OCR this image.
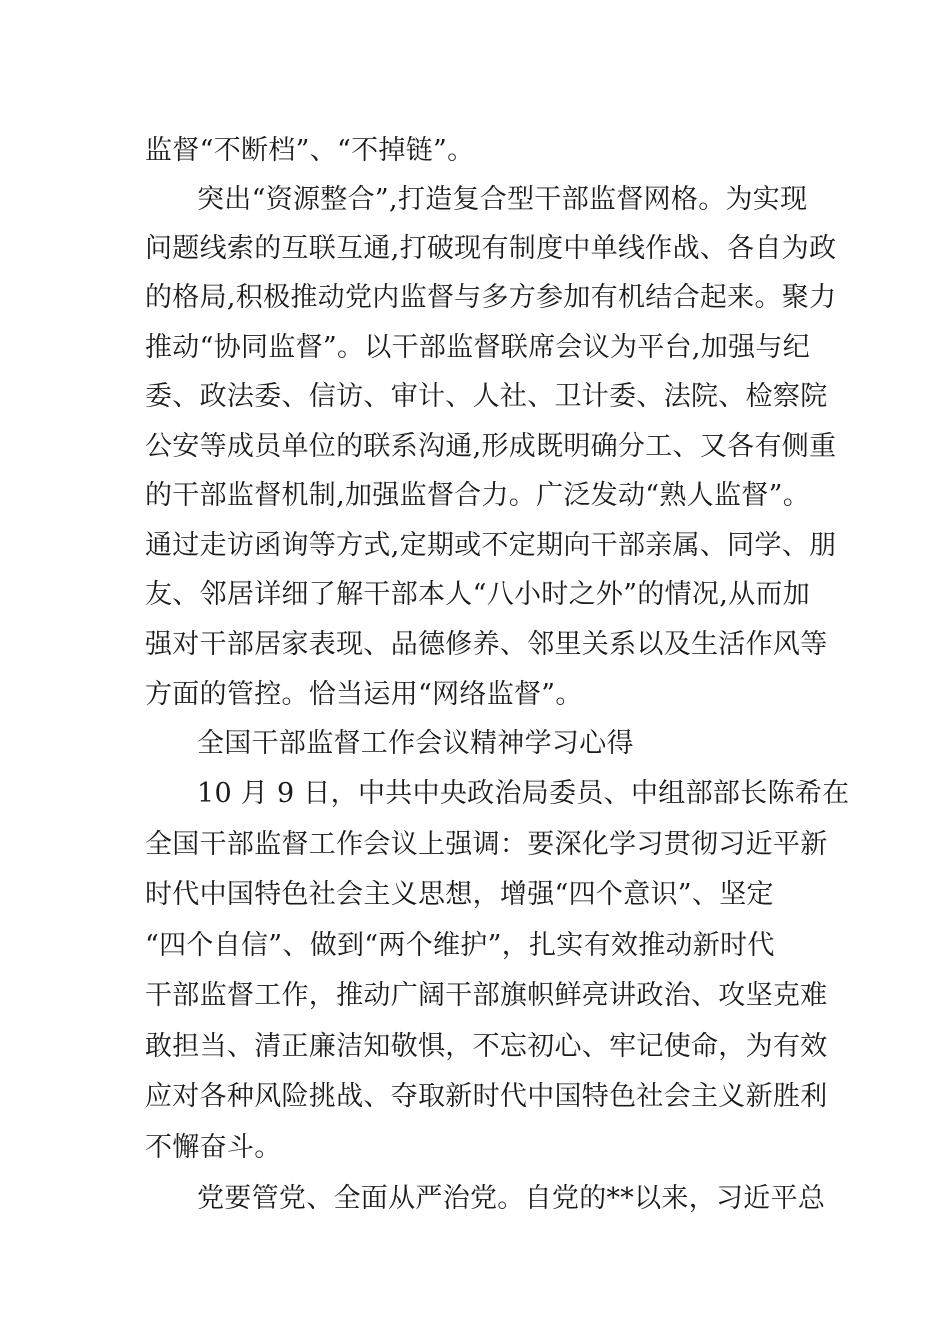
监督“不断档”、“不掉链”。
突出“资源整合”,打造复合型干部监督网格。为实现
问题线索的互联互通,打破现有制度中单线作战、各自为政
的格局,积极推动党内监督与多方参加有机结合起来。聚力
推动“协同监督”。以干部监督联席会议为平台,加强与纪
委、政法委、信访、审计、人社、卫计委、法院、检察院
公安等成员单位的联系沟通,形成既明确分工、又各有侧重
的干部监督机制,加强监督合力。广泛发动“熟人监督”。
通过走访函询等方式,定期或不定期向干部亲属、同学、朋
友、邻居详细了解干部本人“八小时之外”的情况,从而加
强对干部居家表现、品德修养、邻里关系以及生活作风等
方面的管控。恰当运用“网络监督”。
全国干部监督工作会议精神学习心得
10 月 9 日，中共中央政治局委员、中组部部长陈希在
全国干部监督工作会议上强调：要深化学习贯彻习近平新
时代中国特色社会主义思想，增强“四个意识”、坚定
“四个自信”、做到“两个维护”，扎实有效推动新时代
干部监督工作，推动广阔干部旗帜鲜亮讲政治、攻坚克难
敢担当、清正廉洁知敬惧，不忘初心、牢记使命，为有效
应对各种风险挑战、夺取新时代中国特色社会主义新胜利
不懈奋斗。
党要管党、全面从严治党。自党的**以来，习近平总
